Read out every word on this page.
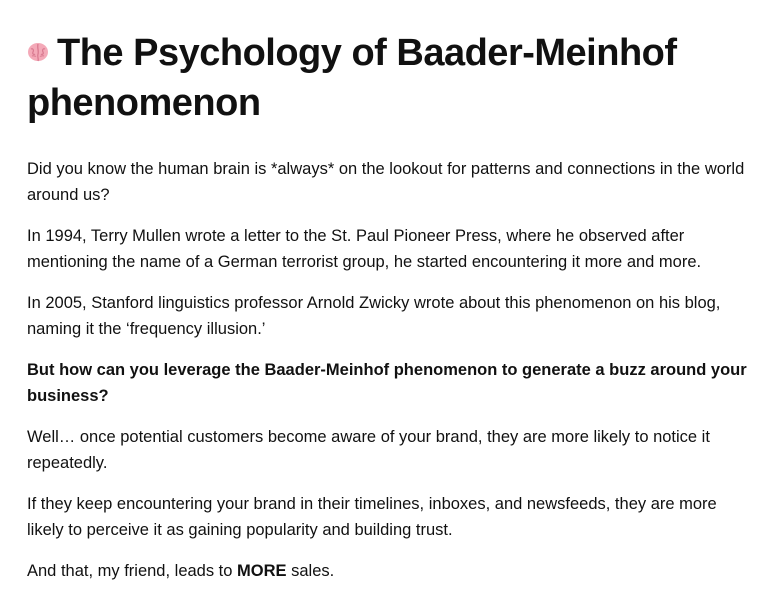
The Psychology of Baader-Meinhof phenomenon

Did you know the human brain is *always* on the lookout for patterns and connections in the world around us?

In 1994, Terry Mullen wrote a letter to the St. Paul Pioneer Press, where he observed after mentioning the name of a German terrorist group, he started encountering it more and more.

In 2005, Stanford linguistics professor Arnold Zwicky wrote about this phenomenon on his blog, naming it the ‘frequency illusion.’

But how can you leverage the Baader-Meinhof phenomenon to generate a buzz around your business?

Well… once potential customers become aware of your brand, they are more likely to notice it repeatedly.

If they keep encountering your brand in their timelines, inboxes, and newsfeeds, they are more likely to perceive it as gaining popularity and building trust.

And that, my friend, leads to MORE sales.
